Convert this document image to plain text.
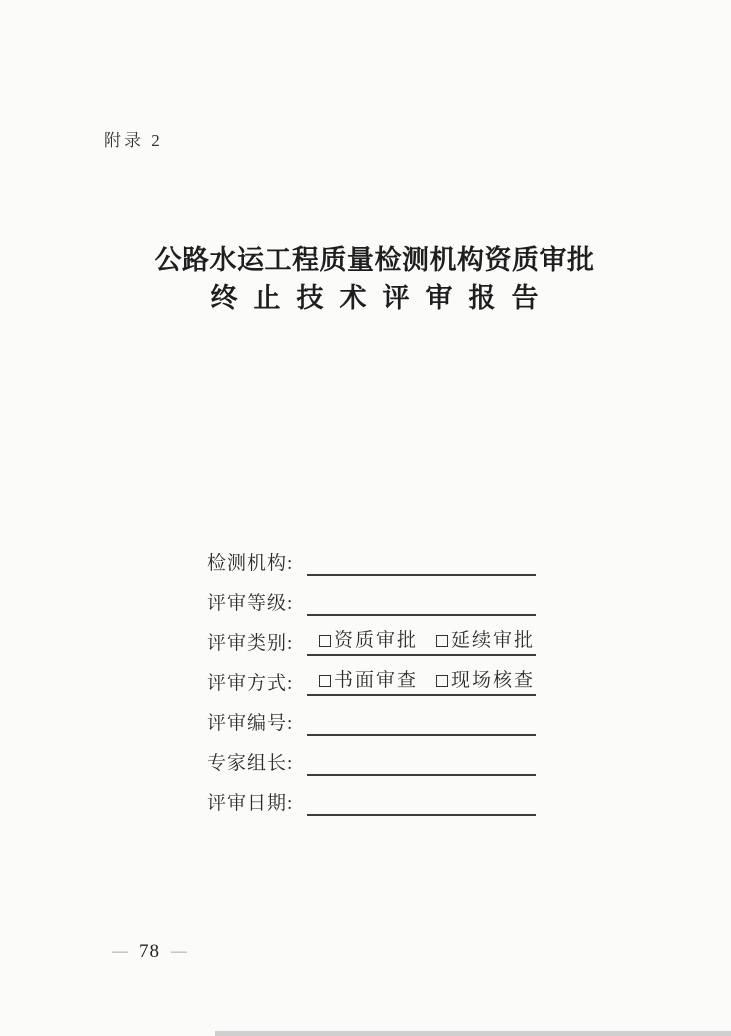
附录 2
公路水运工程质量检测机构资质审批
终止技术评审报告
检测机构:
评审等级:
评审类别:	资质审批 延续审批
评审方式:	书面审查 现场核查
评审编号:
专家组长:
评审日期:
— 78 —
